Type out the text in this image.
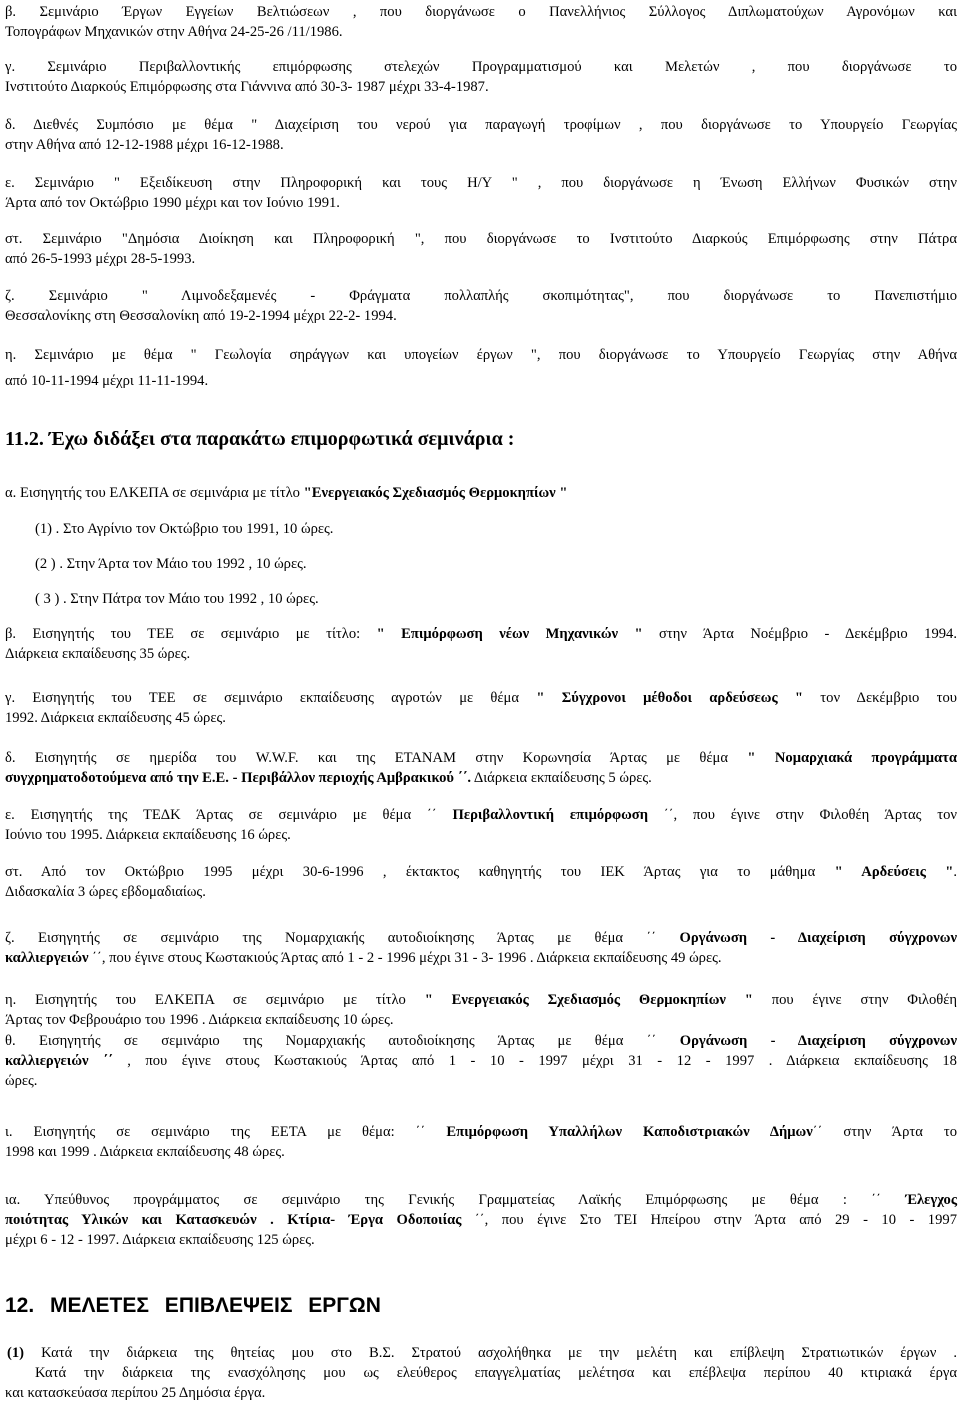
β. Σεμινάριο Έργων Εγγείων Βελτιώσεων , που διοργάνωσε ο Πανελλήνιος Σύλλογος Διπλωματούχων Αγρονόμων και
Τοπογράφων Μηχανικών στην Αθήνα 24-25-26 /11/1986.
γ. Σεμινάριο Περιβαλλοντικής επιμόρφωσης στελεχών Προγραμματισμού και Μελετών , που διοργάνωσε το
Ινστιτούτο Διαρκούς Επιμόρφωσης στα Γιάννινα από 30-3- 1987 μέχρι 33-4-1987.
δ. Διεθνές Συμπόσιο με θέμα " Διαχείριση του νερού για παραγωγή τροφίμων , που διοργάνωσε το Υπουργείο Γεωργίας
στην Αθήνα από 12-12-1988 μέχρι 16-12-1988.
ε. Σεμινάριο " Εξειδίκευση στην Πληροφορική και τους Η/Υ " , που διοργάνωσε η Ένωση Ελλήνων Φυσικών στην
Άρτα από τον Οκτώβριο 1990 μέχρι και τον Ιούνιο 1991.
στ. Σεμινάριο "Δημόσια Διοίκηση και Πληροφορική ", που διοργάνωσε το Ινστιτούτο Διαρκούς Επιμόρφωσης στην Πάτρα
από 26-5-1993 μέχρι 28-5-1993.
ζ. Σεμινάριο " Λιμνοδεξαμενές - Φράγματα πολλαπλής σκοπιμότητας", που διοργάνωσε το Πανεπιστήμιο
Θεσσαλονίκης στη Θεσσαλονίκη από 19-2-1994 μέχρι 22-2- 1994.
η. Σεμινάριο με θέμα " Γεωλογία σηράγγων και υπογείων έργων ", που διοργάνωσε το Υπουργείο Γεωργίας στην Αθήνα
από 10-11-1994 μέχρι 11-11-1994.
11.2. Έχω διδάξει στα παρακάτω επιμορφωτικά σεμινάρια :
α. Εισηγητής του ΕΛΚΕΠΑ σε σεμινάρια με τίτλο "Ενεργειακός Σχεδιασμός Θερμοκηπίων "
(1) . Στο Αγρίνιο τον Οκτώβριο του 1991, 10 ώρες.
(2 ) . Στην Άρτα τον Μάιο του 1992 , 10 ώρες.
( 3 ) . Στην Πάτρα τον Μάιο του 1992 , 10 ώρες.
β. Εισηγητής του ΤΕΕ σε σεμινάριο με τίτλο: " Επιμόρφωση νέων Μηχανικών " στην Άρτα Νοέμβριο - Δεκέμβριο 1994.
Διάρκεια εκπαίδευσης 35 ώρες.
γ. Εισηγητής του ΤΕΕ σε σεμινάριο εκπαίδευσης αγροτών με θέμα " Σύγχρονοι μέθοδοι αρδεύσεως " τον Δεκέμβριο του
1992. Διάρκεια εκπαίδευσης 45 ώρες.
δ. Εισηγητής σε ημερίδα του W.W.F. και της ΕΤΑΝΑΜ στην Κορωνησία Άρτας με θέμα " Νομαρχιακά προγράμματα
συγχρηματοδοτούμενα από την Ε.Ε. - Περιβάλλον περιοχής Αμβρακικού ΄΄. Διάρκεια εκπαίδευσης 5 ώρες.
ε. Εισηγητής της ΤΕΔΚ Άρτας σε σεμινάριο με θέμα ΄΄ Περιβαλλοντική επιμόρφωση ΄΄, που έγινε στην Φιλοθέη Άρτας τον
Ιούνιο του 1995. Διάρκεια εκπαίδευσης 16 ώρες.
στ. Από τον Οκτώβριο 1995 μέχρι 30-6-1996 , έκτακτος καθηγητής του ΙΕΚ Άρτας για το μάθημα " Αρδεύσεις ".
Διδασκαλία 3 ώρες εβδομαδιαίως.
ζ. Εισηγητής σε σεμινάριο της Νομαρχιακής αυτοδιοίκησης Άρτας με θέμα ΄΄ Οργάνωση - Διαχείριση σύγχρονων
καλλιεργειών ΄΄, που έγινε στους Κωστακιούς Άρτας από 1 - 2 - 1996 μέχρι 31 - 3- 1996 . Διάρκεια εκπαίδευσης 49 ώρες.
η. Εισηγητής του ΕΛΚΕΠΑ σε σεμινάριο με τίτλο " Ενεργειακός Σχεδιασμός Θερμοκηπίων " που έγινε στην Φιλοθέη
Άρτας τον Φεβρουάριο του 1996 . Διάρκεια εκπαίδευσης 10 ώρες.
θ. Εισηγητής σε σεμινάριο της Νομαρχιακής αυτοδιοίκησης Άρτας με θέμα ΄΄ Οργάνωση - Διαχείριση σύγχρονων
καλλιεργειών ΄΄ , που έγινε στους Κωστακιούς Άρτας από 1 - 10 - 1997 μέχρι 31 - 12 - 1997 . Διάρκεια εκπαίδευσης 18
ώρες.
ι. Εισηγητής σε σεμινάριο της ΕΕΤΑ με θέμα: ΄΄ Επιμόρφωση Υπαλλήλων Καποδιστριακών Δήμων΄΄ στην Άρτα το
1998 και 1999 . Διάρκεια εκπαίδευσης 48 ώρες.
ια. Υπεύθυνος προγράμματος σε σεμινάριο της Γενικής Γραμματείας Λαϊκής Επιμόρφωσης με θέμα : ΄΄ Έλεγχος
ποιότητας Υλικών και Κατασκευών . Κτίρια- Έργα Οδοποιίας ΄΄, που έγινε Στο ΤΕΙ Ηπείρου στην Άρτα από 29 - 10 - 1997
μέχρι 6 - 12 - 1997. Διάρκεια εκπαίδευσης 125 ώρες.
12. ΜΕΛΕΤΕΣ ΕΠΙΒΛΕΨΕΙΣ ΕΡΓΩΝ
(1) Κατά την διάρκεια της θητείας μου στο Β.Σ. Στρατού ασχολήθηκα με την μελέτη και επίβλεψη Στρατιωτικών έργων .
Κατά την διάρκεια της ενασχόλησης μου ως ελεύθερος επαγγελματίας μελέτησα και επέβλεψα περίπου 40 κτιριακά έργα
και κατασκεύασα περίπου 25 Δημόσια έργα.
